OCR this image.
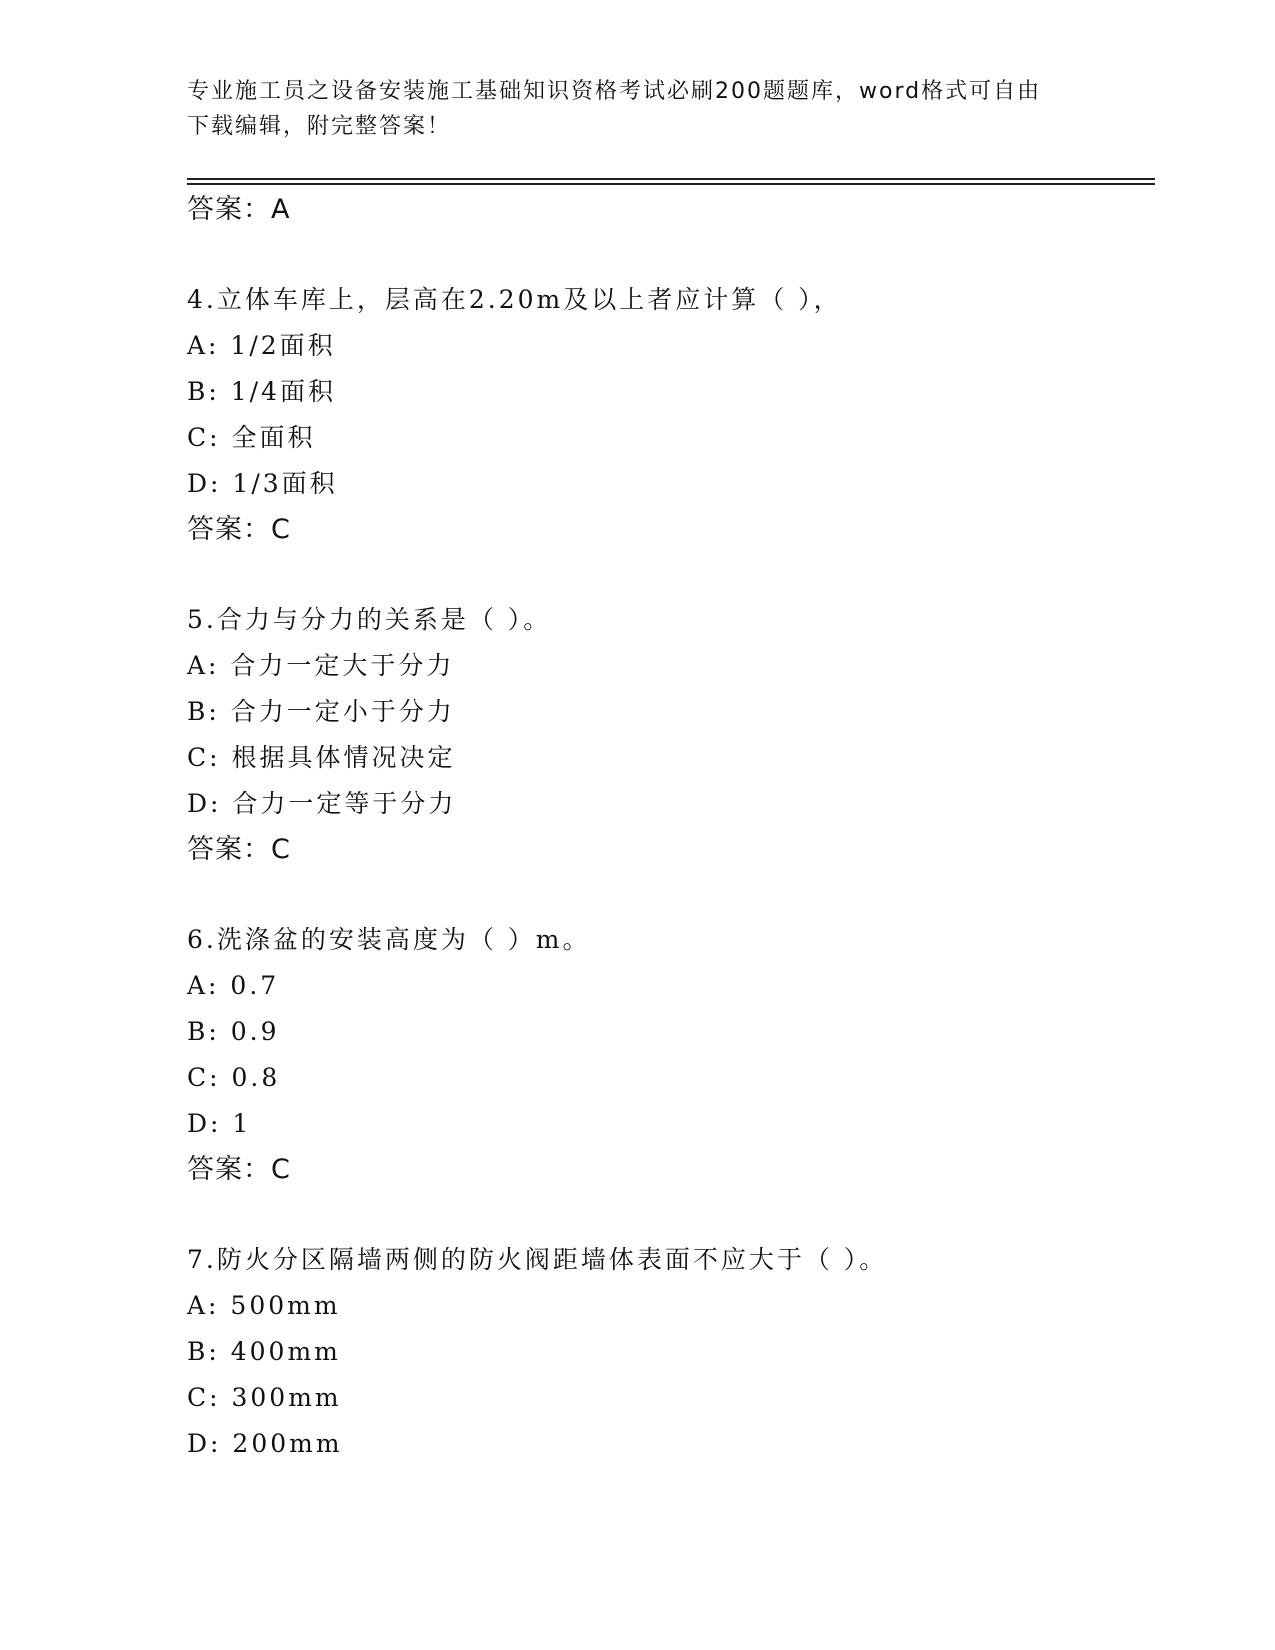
专业施工员之设备安装施工基础知识资格考试必刷200题题库，word格式可自由
下载编辑，附完整答案！
答案：A
4.立体车库上，层高在2.20m及以上者应计算（ ），
A: 1/2面积
B: 1/4面积
C: 全面积
D: 1/3面积
答案：C
5.合力与分力的关系是（ ）。
A: 合力一定大于分力
B: 合力一定小于分力
C: 根据具体情况决定
D: 合力一定等于分力
答案：C
6.洗涤盆的安装高度为（ ）m。
A: 0.7
B: 0.9
C: 0.8
D: 1
答案：C
7.防火分区隔墙两侧的防火阀距墙体表面不应大于（ ）。
A: 500mm
B: 400mm
C: 300mm
D: 200mm
